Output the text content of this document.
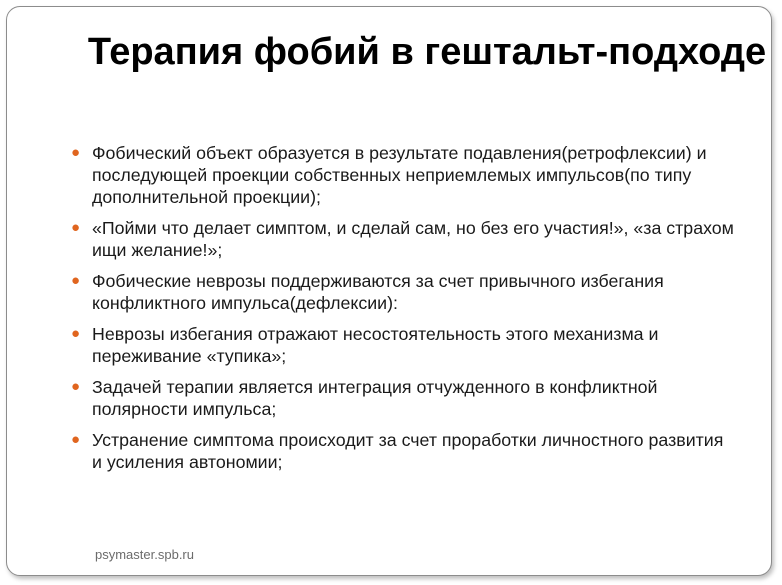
Терапия фобий в гештальт-подходе
● Фобический объект образуется в результате подавления(ретрофлексии) и последующей проекции собственных неприемлемых импульсов(по типу дополнительной проекции);
● «Пойми что делает симптом, и сделай сам, но без его участия!», «за страхом ищи желание!»;
● Фобические неврозы поддерживаются за счет привычного избегания конфликтного импульса(дефлексии):
● Неврозы избегания отражают несостоятельность этого механизма и переживание «тупика»;
● Задачей терапии является интеграция отчужденного в конфликтной полярности импульса;
● Устранение симптома происходит за счет проработки личностного развития и усиления автономии;
psymaster.spb.ru
